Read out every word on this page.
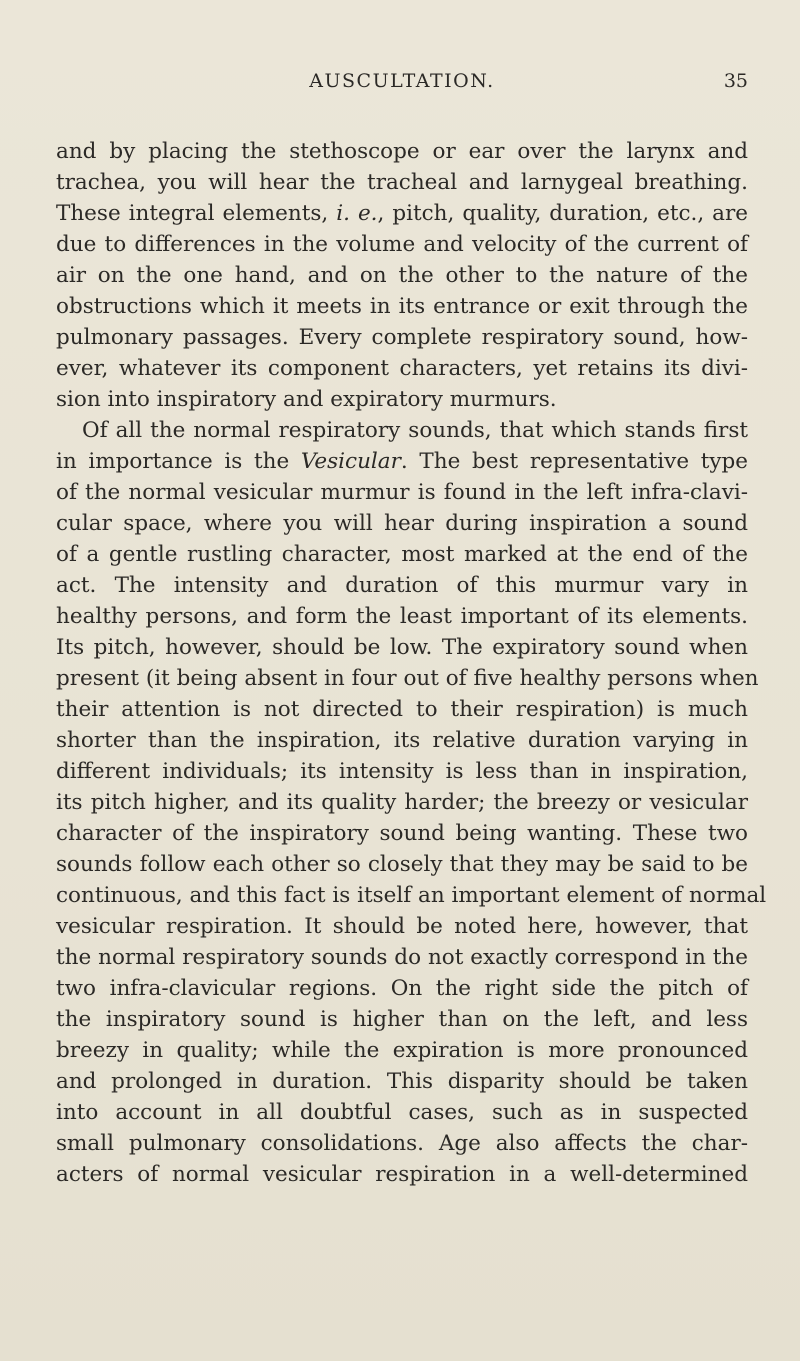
AUSCULTATION.	35
and by placing the stethoscope or ear over the larynx and
trachea, you will hear the tracheal and larnygeal breathing.
These integral elements, i. e., pitch, quality, duration, etc., are
due to differences in the volume and velocity of the current of
air on the one hand, and on the other to the nature of the
obstructions which it meets in its entrance or exit through the
pulmonary passages. Every complete respiratory sound, how-
ever, whatever its component characters, yet retains its divi-
sion into inspiratory and expiratory murmurs.
Of all the normal respiratory sounds, that which stands first
in importance is the Vesicular. The best representative type
of the normal vesicular murmur is found in the left infra-clavi-
cular space, where you will hear during inspiration a sound
of a gentle rustling character, most marked at the end of the
act. The intensity and duration of this murmur vary in
healthy persons, and form the least important of its elements.
Its pitch, however, should be low. The expiratory sound when
present (it being absent in four out of five healthy persons when
their attention is not directed to their respiration) is much
shorter than the inspiration, its relative duration varying in
different individuals; its intensity is less than in inspiration,
its pitch higher, and its quality harder; the breezy or vesicular
character of the inspiratory sound being wanting. These two
sounds follow each other so closely that they may be said to be
continuous, and this fact is itself an important element of normal
vesicular respiration. It should be noted here, however, that
the normal respiratory sounds do not exactly correspond in the
two infra-clavicular regions. On the right side the pitch of
the inspiratory sound is higher than on the left, and less
breezy in quality; while the expiration is more pronounced
and prolonged in duration. This disparity should be taken
into account in all doubtful cases, such as in suspected
small pulmonary consolidations. Age also affects the char-
acters of normal vesicular respiration in a well-determined
